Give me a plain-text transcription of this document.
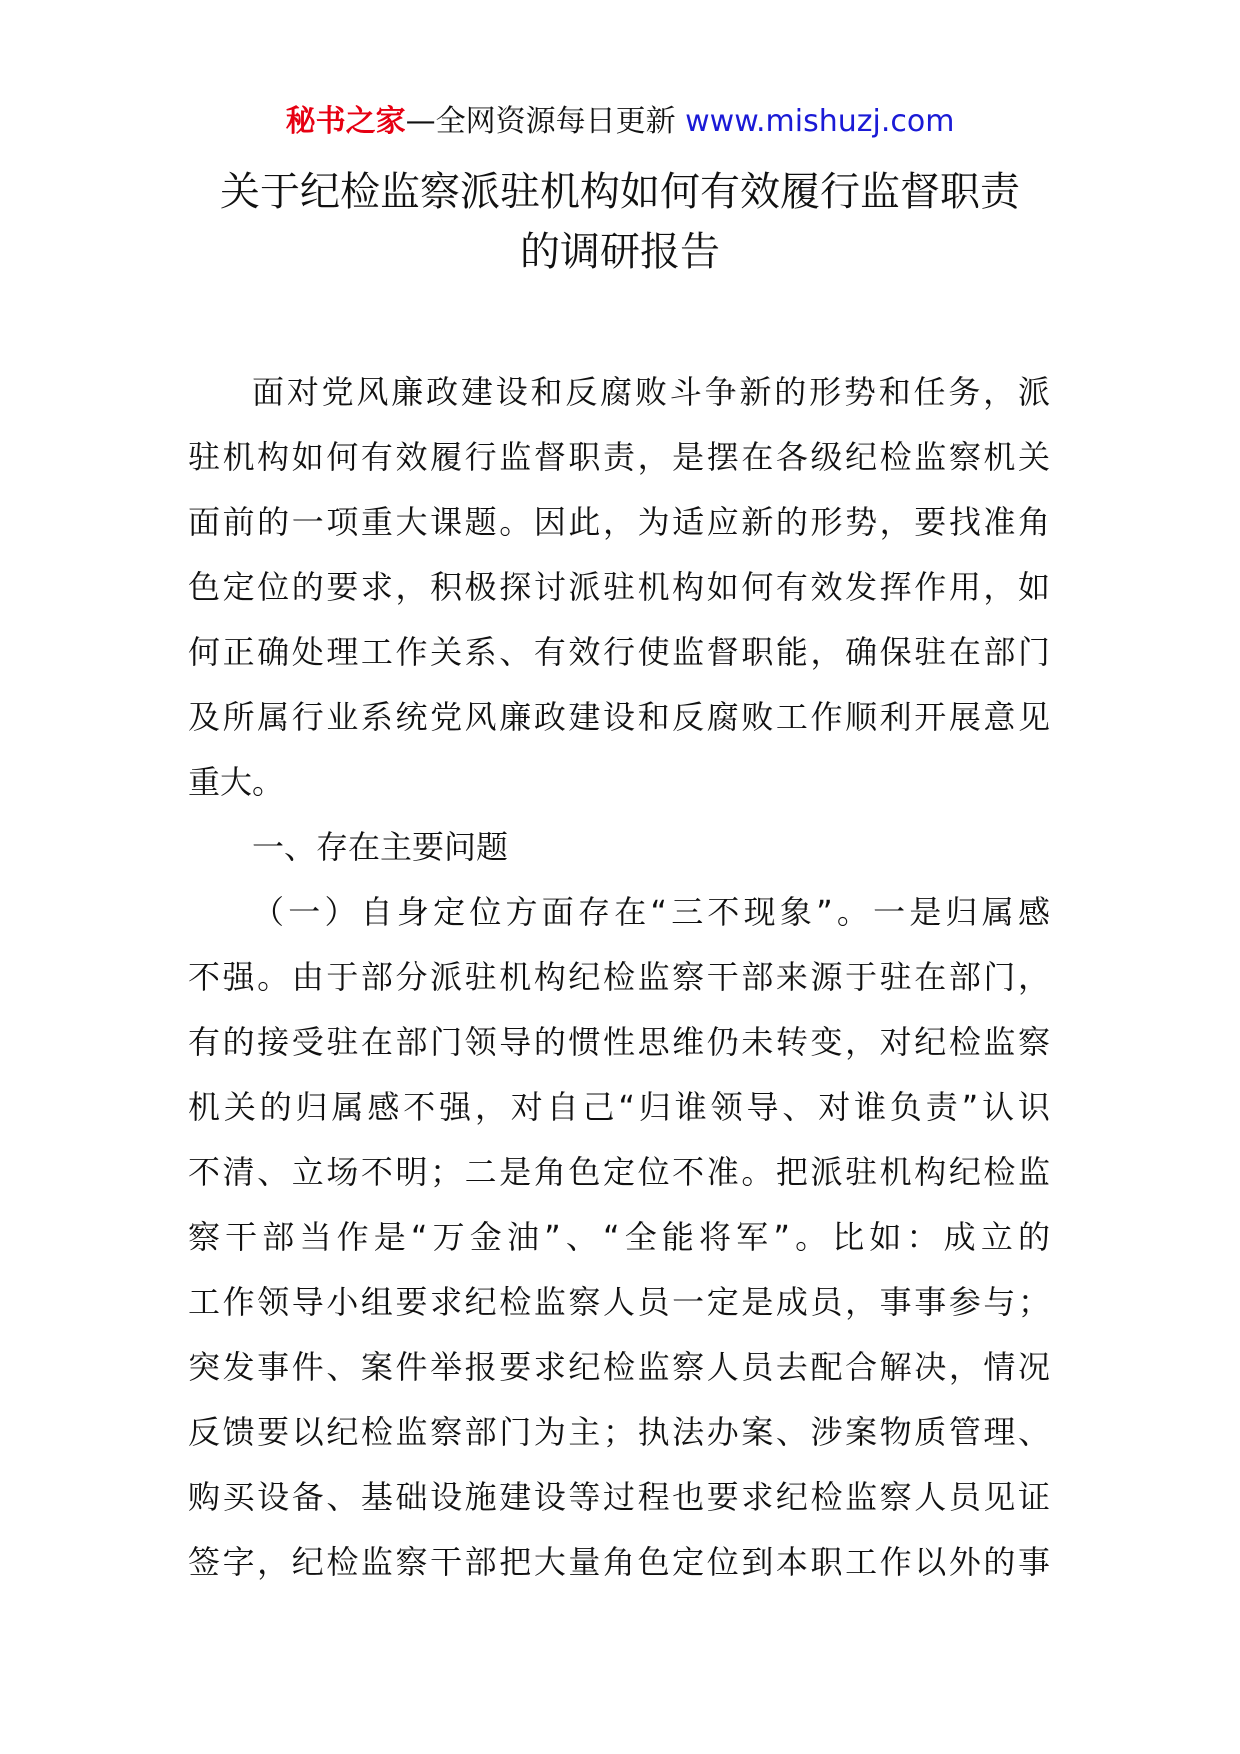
秘书之家—全网资源每日更新 www.mishuzj.com
关于纪检监察派驻机构如何有效履行监督职责
的调研报告
面对党风廉政建设和反腐败斗争新的形势和任务，派
驻机构如何有效履行监督职责，是摆在各级纪检监察机关
面前的一项重大课题。因此，为适应新的形势，要找准角
色定位的要求，积极探讨派驻机构如何有效发挥作用，如
何正确处理工作关系、有效行使监督职能，确保驻在部门
及所属行业系统党风廉政建设和反腐败工作顺利开展意见
重大。
一、存在主要问题
（一）自身定位方面存在“三不现象”。一是归属感
不强。由于部分派驻机构纪检监察干部来源于驻在部门，
有的接受驻在部门领导的惯性思维仍未转变，对纪检监察
机关的归属感不强，对自己“归谁领导、对谁负责”认识
不清、立场不明；二是角色定位不准。把派驻机构纪检监
察干部当作是“万金油”、“全能将军”。比如：成立的
工作领导小组要求纪检监察人员一定是成员，事事参与；
突发事件、案件举报要求纪检监察人员去配合解决，情况
反馈要以纪检监察部门为主；执法办案、涉案物质管理、
购买设备、基础设施建设等过程也要求纪检监察人员见证
签字，纪检监察干部把大量角色定位到本职工作以外的事
